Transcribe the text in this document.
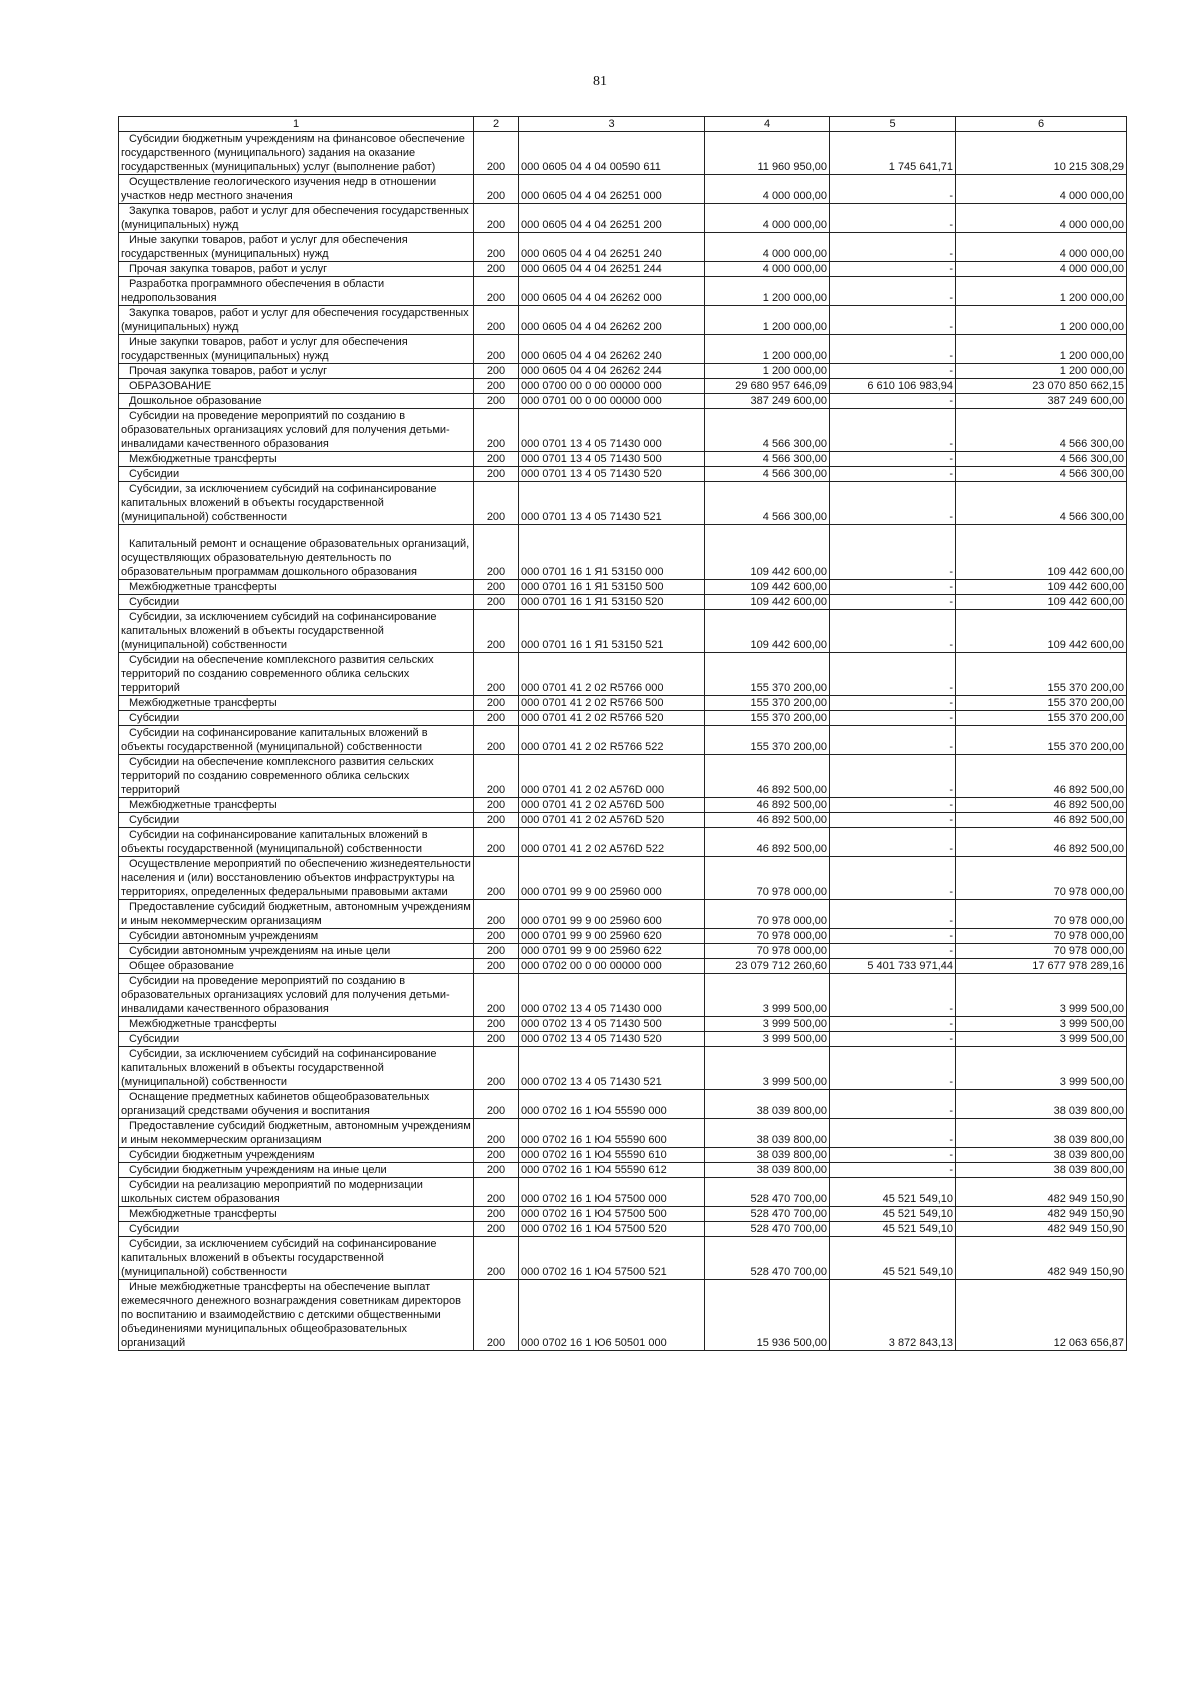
81
1	2	3	4	5	6

Субсидии бюджетным учреждениям на финансовое обеспечение государственного (муниципального) задания на оказание государственных (муниципальных) услуг (выполнение работ)	200	000 0605 04 4 04 00590 611	11 960 950,00	1 745 641,71	10 215 308,29

Осуществление геологического изучения недр в отношении участков недр местного значения	200	000 0605 04 4 04 26251 000	4 000 000,00	-	4 000 000,00

Закупка товаров, работ и услуг для обеспечения государственных (муниципальных) нужд	200	000 0605 04 4 04 26251 200	4 000 000,00	-	4 000 000,00

Иные закупки товаров, работ и услуг для обеспечения государственных (муниципальных) нужд	200	000 0605 04 4 04 26251 240	4 000 000,00	-	4 000 000,00

Прочая закупка товаров, работ и услуг	200	000 0605 04 4 04 26251 244	4 000 000,00	-	4 000 000,00

Разработка программного обеспечения в области недропользования	200	000 0605 04 4 04 26262 000	1 200 000,00	-	1 200 000,00

Закупка товаров, работ и услуг для обеспечения государственных (муниципальных) нужд	200	000 0605 04 4 04 26262 200	1 200 000,00	-	1 200 000,00

Иные закупки товаров, работ и услуг для обеспечения государственных (муниципальных) нужд	200	000 0605 04 4 04 26262 240	1 200 000,00	-	1 200 000,00

Прочая закупка товаров, работ и услуг	200	000 0605 04 4 04 26262 244	1 200 000,00	-	1 200 000,00

ОБРАЗОВАНИЕ	200	000 0700 00 0 00 00000 000	29 680 957 646,09	6 610 106 983,94	23 070 850 662,15

Дошкольное образование	200	000 0701 00 0 00 00000 000	387 249 600,00	-	387 249 600,00

Субсидии на проведение мероприятий по созданию в образовательных организациях условий для получения детьми-инвалидами качественного образования	200	000 0701 13 4 05 71430 000	4 566 300,00	-	4 566 300,00

Межбюджетные трансферты	200	000 0701 13 4 05 71430 500	4 566 300,00	-	4 566 300,00

Субсидии	200	000 0701 13 4 05 71430 520	4 566 300,00	-	4 566 300,00

Субсидии, за исключением субсидий на софинансирование капитальных вложений в объекты государственной (муниципальной) собственности	200	000 0701 13 4 05 71430 521	4 566 300,00	-	4 566 300,00

Капитальный ремонт и оснащение образовательных организаций, осуществляющих образовательную деятельность по образовательным программам дошкольного образования	200	000 0701 16 1 Я1 53150 000	109 442 600,00	-	109 442 600,00

Межбюджетные трансферты	200	000 0701 16 1 Я1 53150 500	109 442 600,00	-	109 442 600,00

Субсидии	200	000 0701 16 1 Я1 53150 520	109 442 600,00	-	109 442 600,00

Субсидии, за исключением субсидий на софинансирование капитальных вложений в объекты государственной (муниципальной) собственности	200	000 0701 16 1 Я1 53150 521	109 442 600,00	-	109 442 600,00

Субсидии на обеспечение комплексного развития сельских территорий по созданию современного облика сельских территорий	200	000 0701 41 2 02 R5766 000	155 370 200,00	-	155 370 200,00

Межбюджетные трансферты	200	000 0701 41 2 02 R5766 500	155 370 200,00	-	155 370 200,00

Субсидии	200	000 0701 41 2 02 R5766 520	155 370 200,00	-	155 370 200,00

Субсидии на софинансирование капитальных вложений в объекты государственной (муниципальной) собственности	200	000 0701 41 2 02 R5766 522	155 370 200,00	-	155 370 200,00

Субсидии на обеспечение комплексного развития сельских территорий по созданию современного облика сельских территорий	200	000 0701 41 2 02 A576D 000	46 892 500,00	-	46 892 500,00

Межбюджетные трансферты	200	000 0701 41 2 02 A576D 500	46 892 500,00	-	46 892 500,00

Субсидии	200	000 0701 41 2 02 A576D 520	46 892 500,00	-	46 892 500,00

Субсидии на софинансирование капитальных вложений в объекты государственной (муниципальной) собственности	200	000 0701 41 2 02 A576D 522	46 892 500,00	-	46 892 500,00

Осуществление мероприятий по обеспечению жизнедеятельности населения и (или) восстановлению объектов инфраструктуры на территориях, определенных федеральными правовыми актами	200	000 0701 99 9 00 25960 000	70 978 000,00	-	70 978 000,00

Предоставление субсидий бюджетным, автономным учреждениям и иным некоммерческим организациям	200	000 0701 99 9 00 25960 600	70 978 000,00	-	70 978 000,00

Субсидии автономным учреждениям	200	000 0701 99 9 00 25960 620	70 978 000,00	-	70 978 000,00

Субсидии автономным учреждениям на иные цели	200	000 0701 99 9 00 25960 622	70 978 000,00	-	70 978 000,00

Общее образование	200	000 0702 00 0 00 00000 000	23 079 712 260,60	5 401 733 971,44	17 677 978 289,16

Субсидии на проведение мероприятий по созданию в образовательных организациях условий для получения детьми-инвалидами качественного образования	200	000 0702 13 4 05 71430 000	3 999 500,00	-	3 999 500,00

Межбюджетные трансферты	200	000 0702 13 4 05 71430 500	3 999 500,00	-	3 999 500,00

Субсидии	200	000 0702 13 4 05 71430 520	3 999 500,00	-	3 999 500,00

Субсидии, за исключением субсидий на софинансирование капитальных вложений в объекты государственной (муниципальной) собственности	200	000 0702 13 4 05 71430 521	3 999 500,00	-	3 999 500,00

Оснащение предметных кабинетов общеобразовательных организаций средствами обучения и воспитания	200	000 0702 16 1 Ю4 55590 000	38 039 800,00	-	38 039 800,00

Предоставление субсидий бюджетным, автономным учреждениям и иным некоммерческим организациям	200	000 0702 16 1 Ю4 55590 600	38 039 800,00	-	38 039 800,00

Субсидии бюджетным учреждениям	200	000 0702 16 1 Ю4 55590 610	38 039 800,00	-	38 039 800,00

Субсидии бюджетным учреждениям на иные цели	200	000 0702 16 1 Ю4 55590 612	38 039 800,00	-	38 039 800,00

Субсидии на реализацию мероприятий по модернизации школьных систем образования	200	000 0702 16 1 Ю4 57500 000	528 470 700,00	45 521 549,10	482 949 150,90

Межбюджетные трансферты	200	000 0702 16 1 Ю4 57500 500	528 470 700,00	45 521 549,10	482 949 150,90

Субсидии	200	000 0702 16 1 Ю4 57500 520	528 470 700,00	45 521 549,10	482 949 150,90

Субсидии, за исключением субсидий на софинансирование капитальных вложений в объекты государственной (муниципальной) собственности	200	000 0702 16 1 Ю4 57500 521	528 470 700,00	45 521 549,10	482 949 150,90

Иные межбюджетные трансферты на обеспечение выплат ежемесячного денежного вознаграждения советникам директоров по воспитанию и взаимодействию с детскими общественными объединениями муниципальных общеобразовательных организаций	200	000 0702 16 1 Ю6 50501 000	15 936 500,00	3 872 843,13	12 063 656,87
